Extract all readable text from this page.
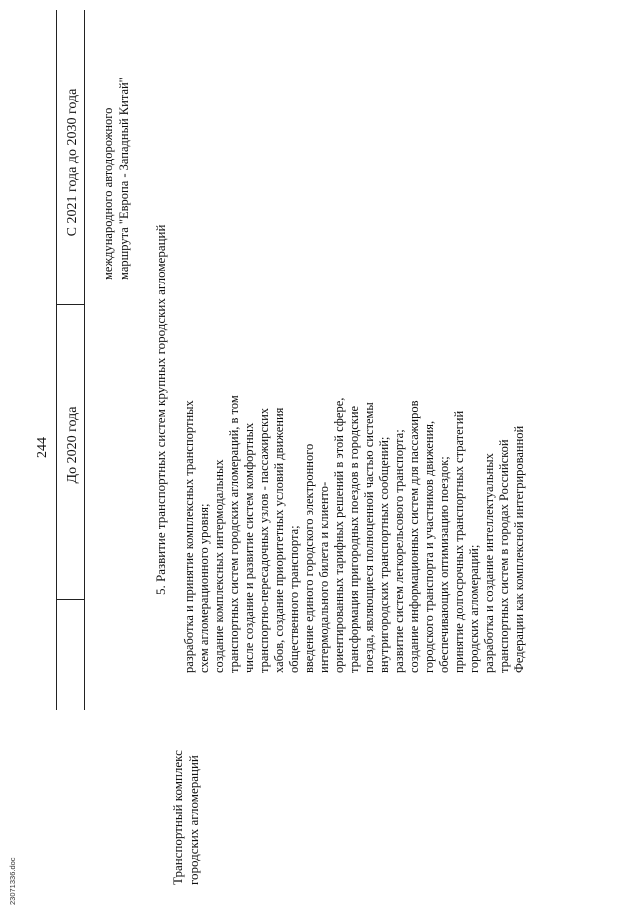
244 До 2020 года
С 2021 года до 2030 года международного автодорожного маршрута "Европа - Западный Китай"
5. Развитие транспортных систем крупных городских агломераций
Транспортный комплекс городских агломераций
разработка и принятие комплексных транспортных схем агломерационного уровня; создание комплексных интермодальных транспортных систем городских агломераций, в том числе создание и развитие систем комфортных транспортно-пересадочных узлов - пассажирских хабов, создание приоритетных условий движения общественного транспорта; введение единого городского электронного интермодального билета и клиенто- ориентированных тарифных решений в этой сфере, трансформация пригородных поездов в городские поезда, являющиеся полноценной частью системы внутригородских транспортных сообщений; развитие систем легкорельсового транспорта; создание информационных систем для пассажиров городского транспорта и участников движения, обеспечивающих оптимизацию поездок; принятие долгосрочных транспортных стратегий городских агломераций; разработка и создание интеллектуальных транспортных систем в городах Российской Федерации как комплексной интегрированной
23071336.doc
